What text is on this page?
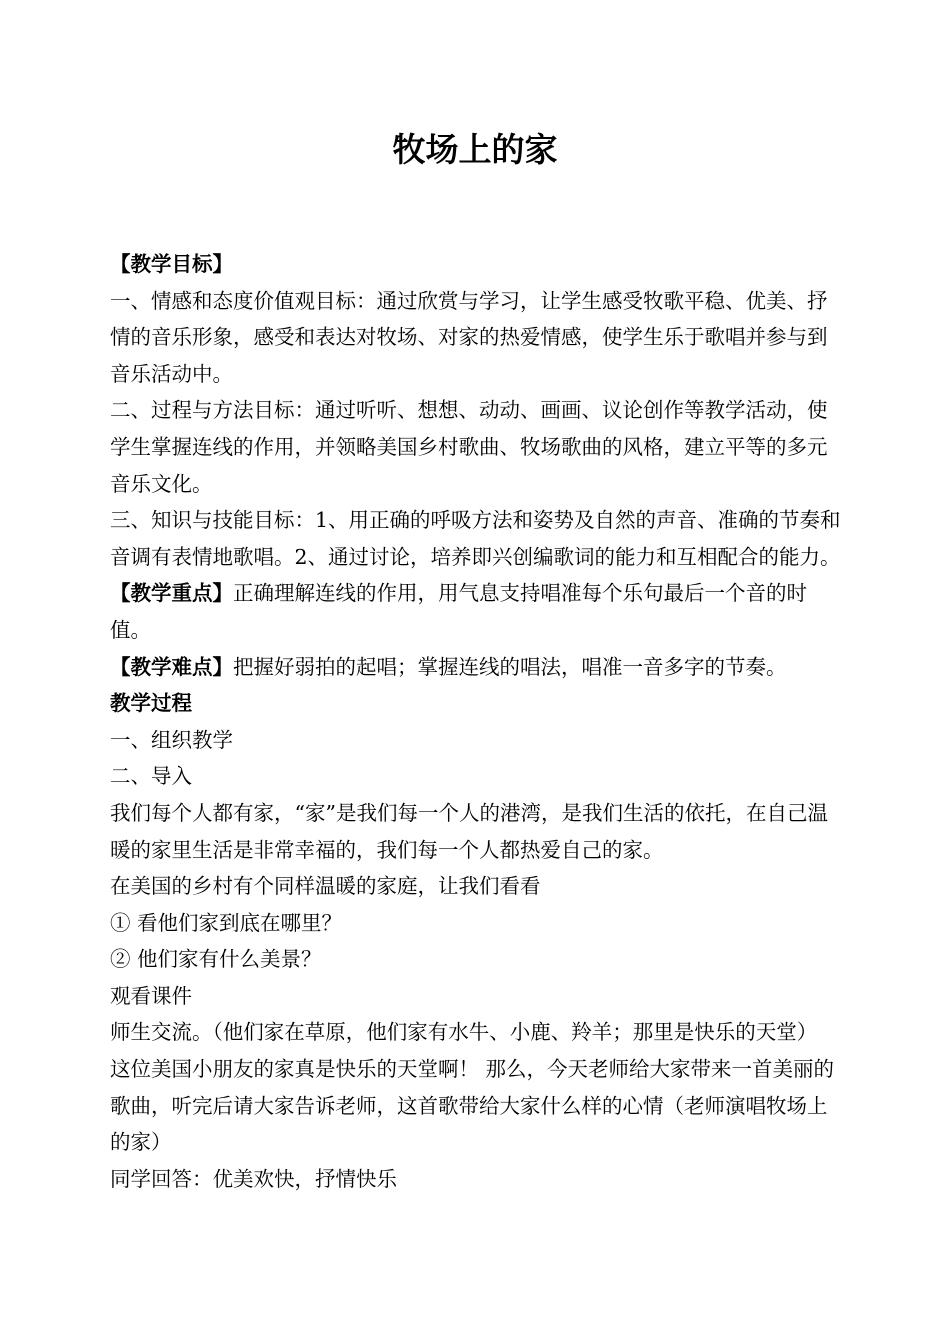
牧场上的家

【教学目标】

一、情感和态度价值观目标：通过欣赏与学习，让学生感受牧歌平稳、优美、抒情的音乐形象，感受和表达对牧场、对家的热爱情感，使学生乐于歌唱并参与到音乐活动中。

二、过程与方法目标：通过听听、想想、动动、画画、议论创作等教学活动，使学生掌握连线的作用，并领略美国乡村歌曲、牧场歌曲的风格，建立平等的多元音乐文化。

三、知识与技能目标：1、用正确的呼吸方法和姿势及自然的声音、准确的节奏和音调有表情地歌唱。2、通过讨论，培养即兴创编歌词的能力和互相配合的能力。

【教学重点】正确理解连线的作用，用气息支持唱准每个乐句最后一个音的时值。

【教学难点】把握好弱拍的起唱；掌握连线的唱法，唱准一音多字的节奏。

教学过程

一、组织教学

二、导入

我们每个人都有家，“家”是我们每一个人的港湾，是我们生活的依托，在自己温暖的家里生活是非常幸福的，我们每一个人都热爱自己的家。

在美国的乡村有个同样温暖的家庭，让我们看看

① 看他们家到底在哪里？

② 他们家有什么美景？

观看课件

师生交流。（他们家在草原，他们家有水牛、小鹿、羚羊；那里是快乐的天堂）

这位美国小朋友的家真是快乐的天堂啊！ 那么，今天老师给大家带来一首美丽的歌曲，听完后请大家告诉老师，这首歌带给大家什么样的心情（老师演唱牧场上的家）

同学回答：优美欢快，抒情快乐
